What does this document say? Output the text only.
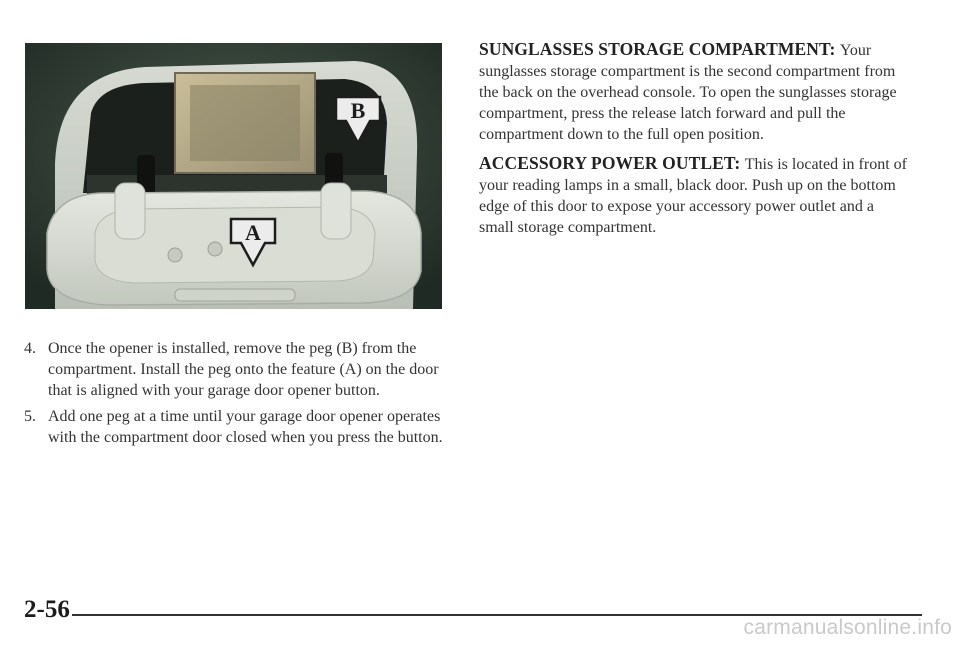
B
A
4. Once the opener is installed, remove the peg (B) from the compartment. Install the peg onto the feature (A) on the door that is aligned with your garage door opener button.
5. Add one peg at a time until your garage door opener operates with the compartment door closed when you press the button.

SUNGLASSES STORAGE COMPARTMENT: Your sunglasses storage compartment is the second compartment from the back on the overhead console. To open the sunglasses storage compartment, press the release latch forward and pull the compartment down to the full open position.

ACCESSORY POWER OUTLET: This is located in front of your reading lamps in a small, black door. Push up on the bottom edge of this door to expose your accessory power outlet and a small storage compartment.

2-56
carmanualsonline.info
